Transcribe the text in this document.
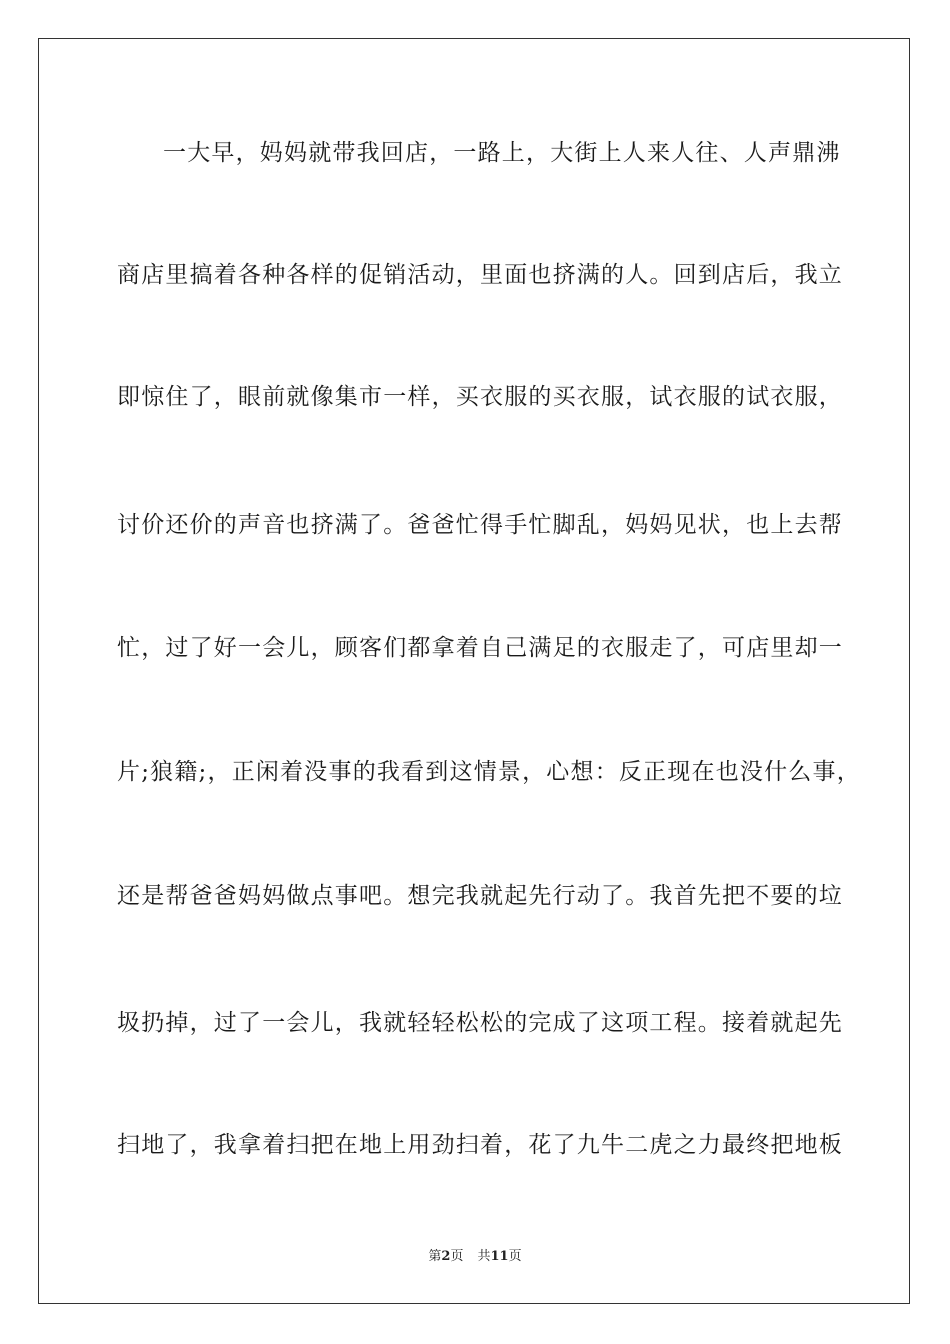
一大早，妈妈就带我回店，一路上，大街上人来人往、人声鼎沸
商店里搞着各种各样的促销活动，里面也挤满的人。回到店后，我立
即惊住了，眼前就像集市一样，买衣服的买衣服，试衣服的试衣服，
讨价还价的声音也挤满了。爸爸忙得手忙脚乱，妈妈见状，也上去帮
忙，过了好一会儿，顾客们都拿着自己满足的衣服走了，可店里却一
片;狼籍;，正闲着没事的我看到这情景，心想：反正现在也没什么事，
还是帮爸爸妈妈做点事吧。想完我就起先行动了。我首先把不要的垃
圾扔掉，过了一会儿，我就轻轻松松的完成了这项工程。接着就起先
扫地了，我拿着扫把在地上用劲扫着，花了九牛二虎之力最终把地板
第2页 共11页
